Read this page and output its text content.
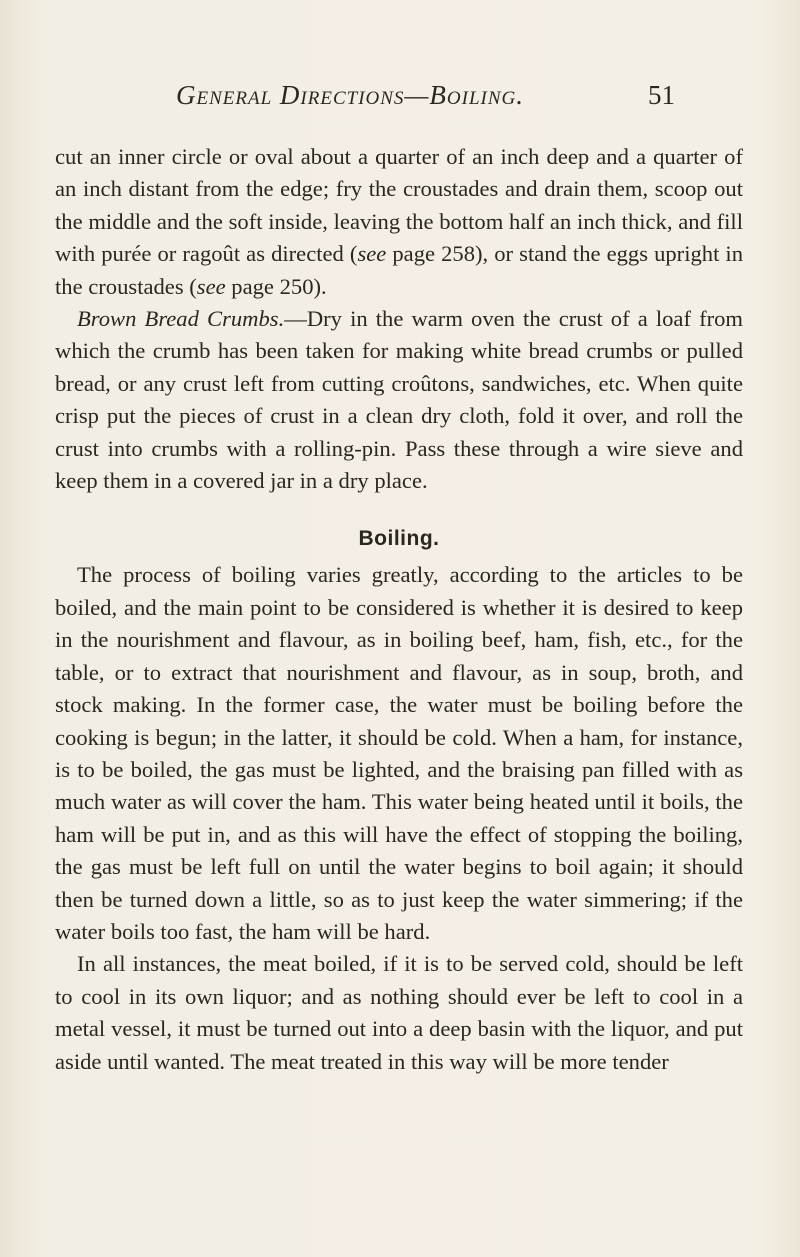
General Directions—Boiling.	51

cut an inner circle or oval about a quarter of an inch deep and a quarter of an inch distant from the edge; fry the croustades and drain them, scoop out the middle and the soft inside, leaving the bottom half an inch thick, and fill with purée or ragoût as directed (see page 258), or stand the eggs upright in the croustades (see page 250).

Brown Bread Crumbs.—Dry in the warm oven the crust of a loaf from which the crumb has been taken for making white bread crumbs or pulled bread, or any crust left from cutting croûtons, sandwiches, etc. When quite crisp put the pieces of crust in a clean dry cloth, fold it over, and roll the crust into crumbs with a rolling-pin. Pass these through a wire sieve and keep them in a covered jar in a dry place.

Boiling.

The process of boiling varies greatly, according to the articles to be boiled, and the main point to be considered is whether it is desired to keep in the nourishment and flavour, as in boiling beef, ham, fish, etc., for the table, or to extract that nourishment and flavour, as in soup, broth, and stock making. In the former case, the water must be boiling before the cooking is begun; in the latter, it should be cold. When a ham, for instance, is to be boiled, the gas must be lighted, and the braising pan filled with as much water as will cover the ham. This water being heated until it boils, the ham will be put in, and as this will have the effect of stopping the boiling, the gas must be left full on until the water begins to boil again; it should then be turned down a little, so as to just keep the water simmering; if the water boils too fast, the ham will be hard.

In all instances, the meat boiled, if it is to be served cold, should be left to cool in its own liquor; and as nothing should ever be left to cool in a metal vessel, it must be turned out into a deep basin with the liquor, and put aside until wanted. The meat treated in this way will be more tender
